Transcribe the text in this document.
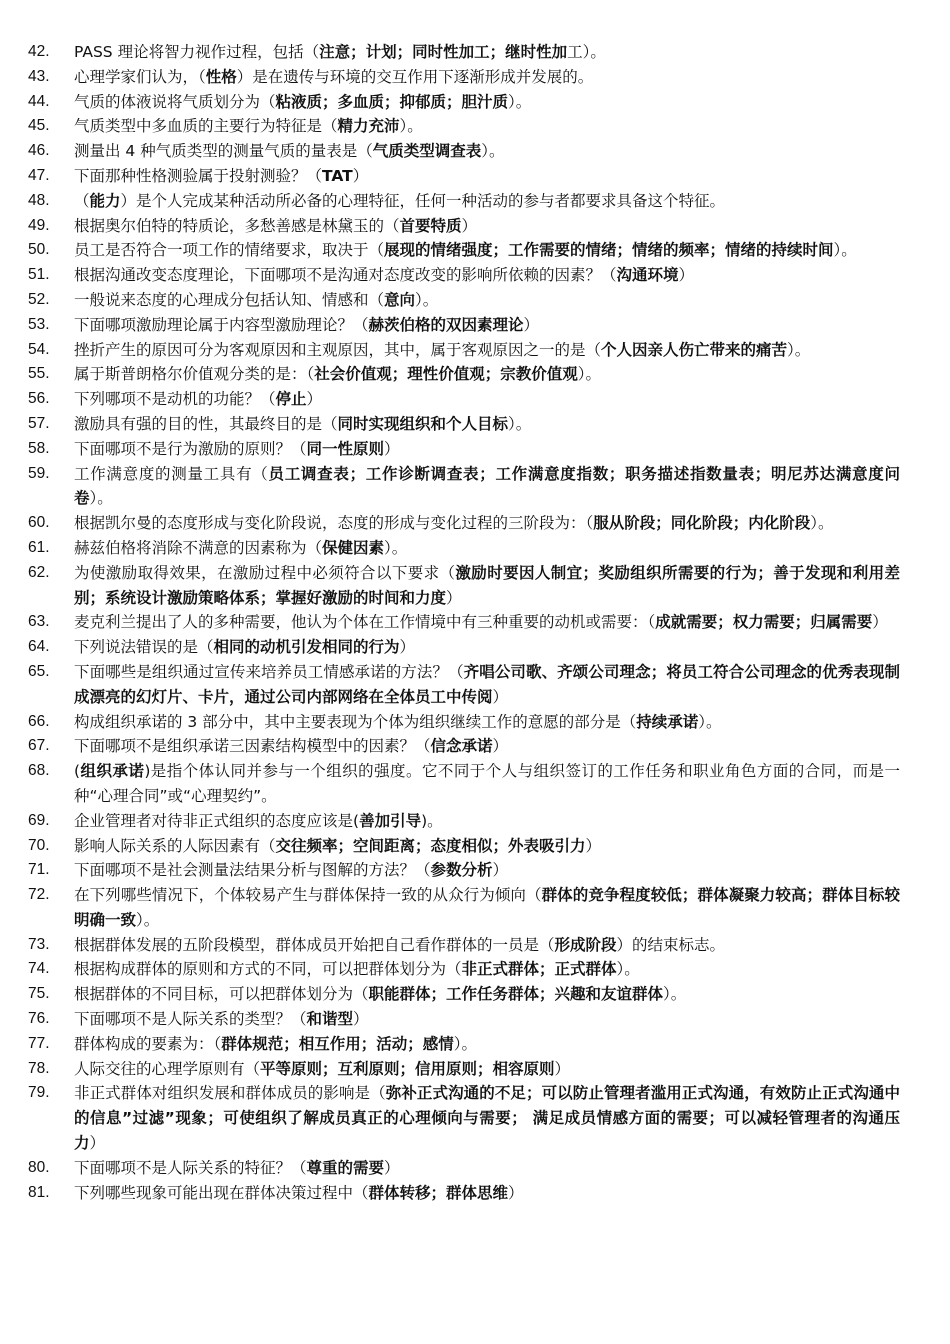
42.	PASS 理论将智力视作过程，包括（注意；计划；同时性加工；继时性加工）。
43.	心理学家们认为，（性格）是在遗传与环境的交互作用下逐渐形成并发展的。
44.	气质的体液说将气质划分为（粘液质；多血质；抑郁质；胆汁质）。
45.	气质类型中多血质的主要行为特征是（精力充沛）。
46.	测量出 4 种气质类型的测量气质的量表是（气质类型调查表）。
47.	下面那种性格测验属于投射测验？（TAT）
48.	（能力）是个人完成某种活动所必备的心理特征，任何一种活动的参与者都要求具备这个特征。
49.	根据奥尔伯特的特质论，多愁善感是林黛玉的（首要特质）
50.	员工是否符合一项工作的情绪要求，取决于（展现的情绪强度；工作需要的情绪；情绪的频率；情绪的持续时间）。
51.	根据沟通改变态度理论，下面哪项不是沟通对态度改变的影响所依赖的因素？（沟通环境）
52.	一般说来态度的心理成分包括认知、情感和（意向）。
53.	下面哪项激励理论属于内容型激励理论？（赫茨伯格的双因素理论）
54.	挫折产生的原因可分为客观原因和主观原因，其中，属于客观原因之一的是（个人因亲人伤亡带来的痛苦）。
55.	属于斯普朗格尔价值观分类的是：（社会价值观；理性价值观；宗教价值观）。
56.	下列哪项不是动机的功能？（停止）
57.	激励具有强的目的性，其最终目的是（同时实现组织和个人目标）。
58.	下面哪项不是行为激励的原则？（同一性原则）
59.	工作满意度的测量工具有（员工调查表；工作诊断调查表；工作满意度指数；职务描述指数量表；明尼苏达满意度问卷）。
60.	根据凯尔曼的态度形成与变化阶段说，态度的形成与变化过程的三阶段为：（服从阶段；同化阶段；内化阶段）。
61.	赫兹伯格将消除不满意的因素称为（保健因素）。
62.	为使激励取得效果，在激励过程中必须符合以下要求（激励时要因人制宜；奖励组织所需要的行为；善于发现和利用差别；系统设计激励策略体系；掌握好激励的时间和力度）
63.	麦克利兰提出了人的多种需要，他认为个体在工作情境中有三种重要的动机或需要：（成就需要；权力需要；归属需要）
64.	下列说法错误的是（相同的动机引发相同的行为）
65.	下面哪些是组织通过宣传来培养员工情感承诺的方法？（齐唱公司歌、齐颂公司理念；将员工符合公司理念的优秀表现制成漂亮的幻灯片、卡片，通过公司内部网络在全体员工中传阅）
66.	构成组织承诺的 3 部分中，其中主要表现为个体为组织继续工作的意愿的部分是（持续承诺）。
67.	下面哪项不是组织承诺三因素结构模型中的因素？（信念承诺）
68.	(组织承诺)是指个体认同并参与一个组织的强度。它不同于个人与组织签订的工作任务和职业角色方面的合同，而是一种“心理合同”或“心理契约”。
69.	企业管理者对待非正式组织的态度应该是(善加引导)。
70.	影响人际关系的人际因素有（交往频率；空间距离；态度相似；外表吸引力）
71.	下面哪项不是社会测量法结果分析与图解的方法？（参数分析）
72.	在下列哪些情况下，个体较易产生与群体保持一致的从众行为倾向（群体的竞争程度较低；群体凝聚力较高；群体目标较明确一致）。
73.	根据群体发展的五阶段模型，群体成员开始把自己看作群体的一员是（形成阶段）的结束标志。
74.	根据构成群体的原则和方式的不同，可以把群体划分为（非正式群体；正式群体）。
75.	根据群体的不同目标，可以把群体划分为（职能群体；工作任务群体；兴趣和友谊群体）。
76.	下面哪项不是人际关系的类型？（和谐型）
77.	群体构成的要素为：（群体规范；相互作用；活动；感情）。
78.	人际交往的心理学原则有（平等原则；互利原则；信用原则；相容原则）
79.	非正式群体对组织发展和群体成员的影响是（弥补正式沟通的不足；可以防止管理者滥用正式沟通，有效防止正式沟通中的信息”过滤”现象；可使组织了解成员真正的心理倾向与需要； 满足成员情感方面的需要；可以减轻管理者的沟通压力）
80.	下面哪项不是人际关系的特征？（尊重的需要）
81.	下列哪些现象可能出现在群体决策过程中（群体转移；群体思维）
